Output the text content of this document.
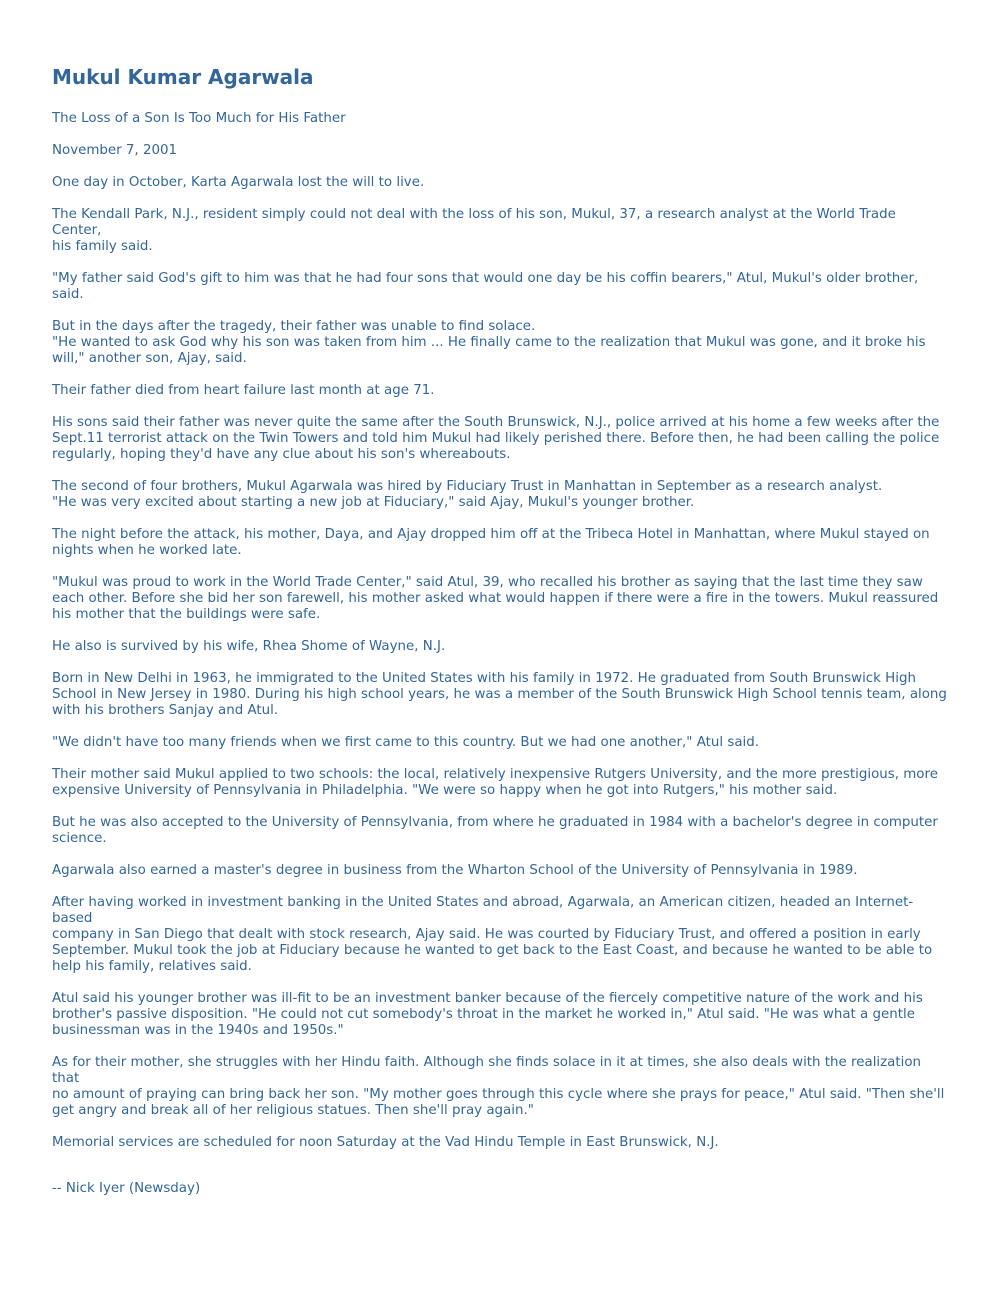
Mukul Kumar Agarwala
The Loss of a Son Is Too Much for His Father
November 7, 2001
One day in October, Karta Agarwala lost the will to live.
The Kendall Park, N.J., resident simply could not deal with the loss of his son, Mukul, 37, a research analyst at the World Trade Center,
his family said.
"My father said God's gift to him was that he had four sons that would one day be his coffin bearers," Atul, Mukul's older brother,
said.
But in the days after the tragedy, their father was unable to find solace.
"He wanted to ask God why his son was taken from him ... He finally came to the realization that Mukul was gone, and it broke his
will," another son, Ajay, said.
Their father died from heart failure last month at age 71.
His sons said their father was never quite the same after the South Brunswick, N.J., police arrived at his home a few weeks after the
Sept.11 terrorist attack on the Twin Towers and told him Mukul had likely perished there. Before then, he had been calling the police
regularly, hoping they'd have any clue about his son's whereabouts.
The second of four brothers, Mukul Agarwala was hired by Fiduciary Trust in Manhattan in September as a research analyst.
"He was very excited about starting a new job at Fiduciary," said Ajay, Mukul's younger brother.
The night before the attack, his mother, Daya, and Ajay dropped him off at the Tribeca Hotel in Manhattan, where Mukul stayed on
nights when he worked late.
"Mukul was proud to work in the World Trade Center," said Atul, 39, who recalled his brother as saying that the last time they saw
each other. Before she bid her son farewell, his mother asked what would happen if there were a fire in the towers. Mukul reassured
his mother that the buildings were safe.
He also is survived by his wife, Rhea Shome of Wayne, N.J.
Born in New Delhi in 1963, he immigrated to the United States with his family in 1972. He graduated from South Brunswick High
School in New Jersey in 1980. During his high school years, he was a member of the South Brunswick High School tennis team, along
with his brothers Sanjay and Atul.
"We didn't have too many friends when we first came to this country. But we had one another," Atul said.
Their mother said Mukul applied to two schools: the local, relatively inexpensive Rutgers University, and the more prestigious, more
expensive University of Pennsylvania in Philadelphia. "We were so happy when he got into Rutgers," his mother said.
But he was also accepted to the University of Pennsylvania, from where he graduated in 1984 with a bachelor's degree in computer
science.
Agarwala also earned a master's degree in business from the Wharton School of the University of Pennsylvania in 1989.
After having worked in investment banking in the United States and abroad, Agarwala, an American citizen, headed an Internet-based
company in San Diego that dealt with stock research, Ajay said. He was courted by Fiduciary Trust, and offered a position in early
September. Mukul took the job at Fiduciary because he wanted to get back to the East Coast, and because he wanted to be able to
help his family, relatives said.
Atul said his younger brother was ill-fit to be an investment banker because of the fiercely competitive nature of the work and his
brother's passive disposition. "He could not cut somebody's throat in the market he worked in," Atul said. "He was what a gentle
businessman was in the 1940s and 1950s."
As for their mother, she struggles with her Hindu faith. Although she finds solace in it at times, she also deals with the realization that
no amount of praying can bring back her son. "My mother goes through this cycle where she prays for peace," Atul said. "Then she'll
get angry and break all of her religious statues. Then she'll pray again."
Memorial services are scheduled for noon Saturday at the Vad Hindu Temple in East Brunswick, N.J.
-- Nick Iyer (Newsday)
